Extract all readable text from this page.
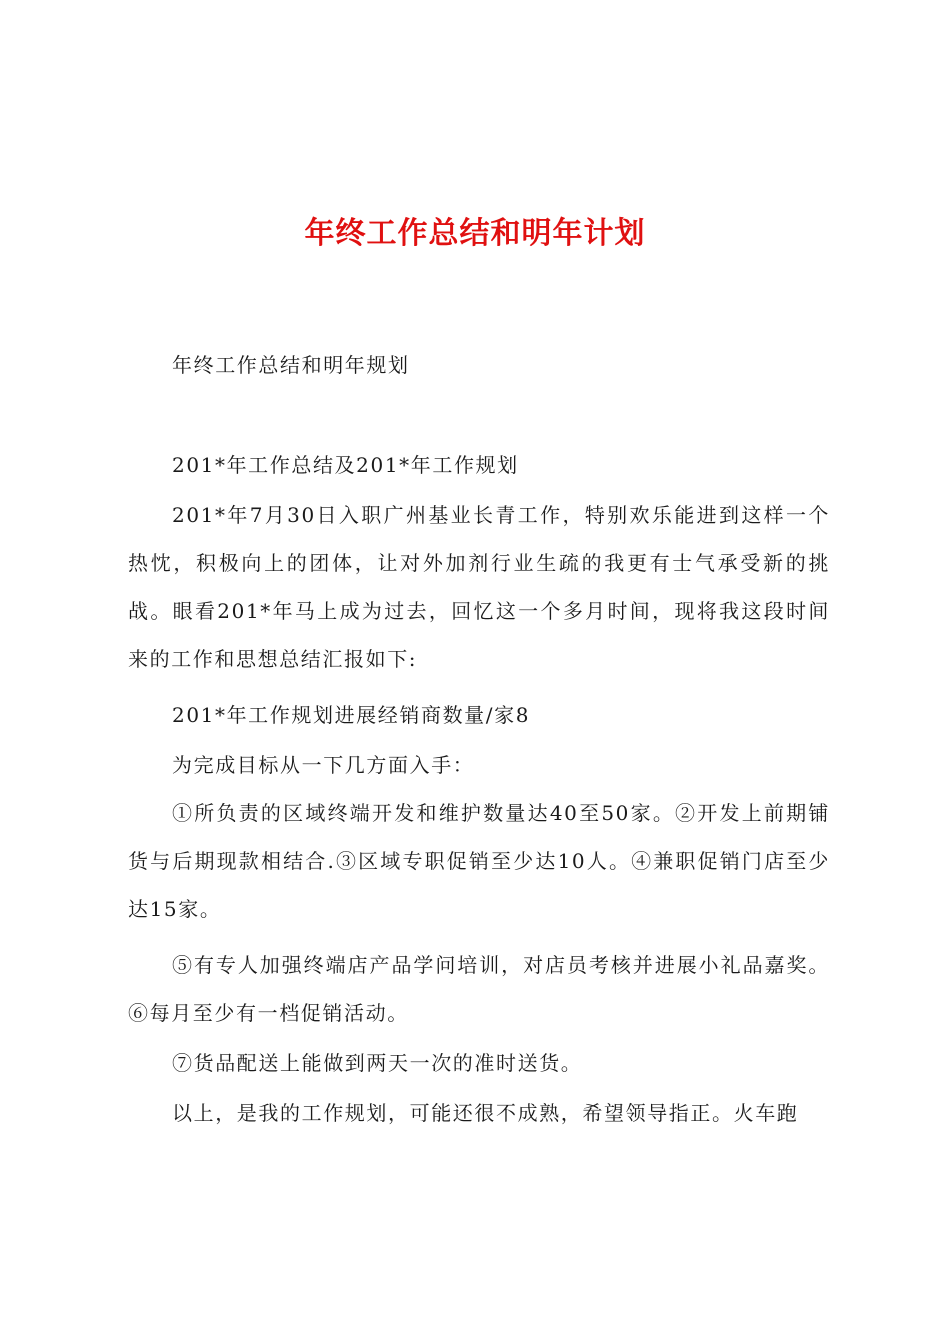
年终工作总结和明年计划

年终工作总结和明年规划

201*年工作总结及201*年工作规划

201*年7月30日入职广州基业长青工作，特别欢乐能进到这样一个热忱，积极向上的团体，让对外加剂行业生疏的我更有士气承受新的挑战。眼看201*年马上成为过去，回忆这一个多月时间，现将我这段时间来的工作和思想总结汇报如下:

201*年工作规划进展经销商数量/家8

为完成目标从一下几方面入手：

①所负责的区域终端开发和维护数量达40至50家。②开发上前期铺货与后期现款相结合.③区域专职促销至少达10人。④兼职促销门店至少达15家。

⑤有专人加强终端店产品学问培训，对店员考核并进展小礼品嘉奖。⑥每月至少有一档促销活动。

⑦货品配送上能做到两天一次的准时送货。

以上，是我的工作规划，可能还很不成熟，希望领导指正。火车跑
